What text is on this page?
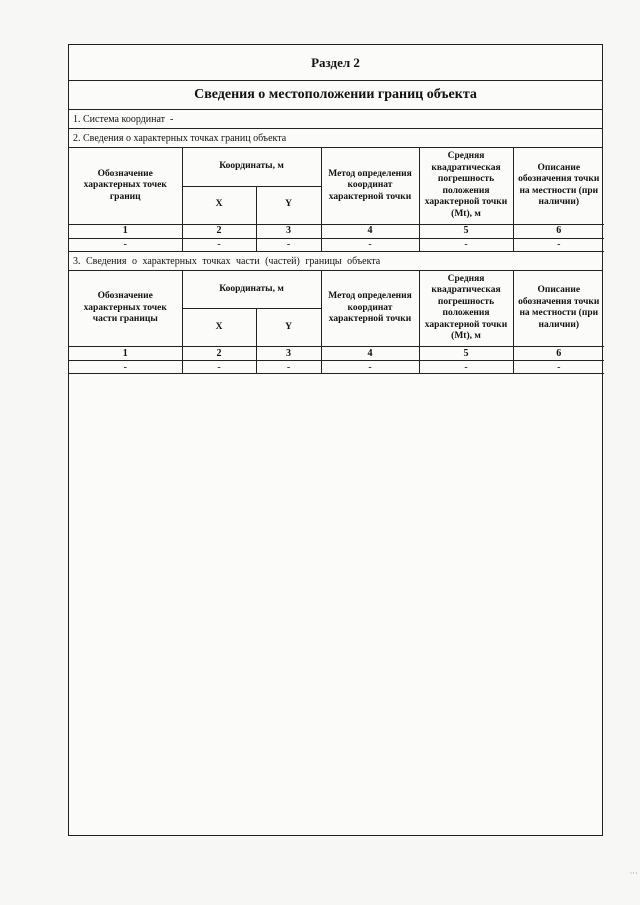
Раздел 2
Сведения о местоположении границ объекта
1. Система координат -
2. Сведения о характерных точках границ объекта
Обозначение характерных точек границ	Координаты, м		Метод определения координат характерной точки	Средняя квадратическая погрешность положения характерной точки (Mt), м	Описание обозначения точки на местности (при наличии)
	X	Y			
1	2	3	4	5	6
-	-	-	-	-	-
3. Сведения о характерных точках части (частей) границы объекта
Обозначение характерных точек части границы	Координаты, м		Метод определения координат характерной точки	Средняя квадратическая погрешность положения характерной точки (Mt), м	Описание обозначения точки на местности (при наличии)
	X	Y			
1	2	3	4	5	6
-	-	-	-	-	-
⋮
